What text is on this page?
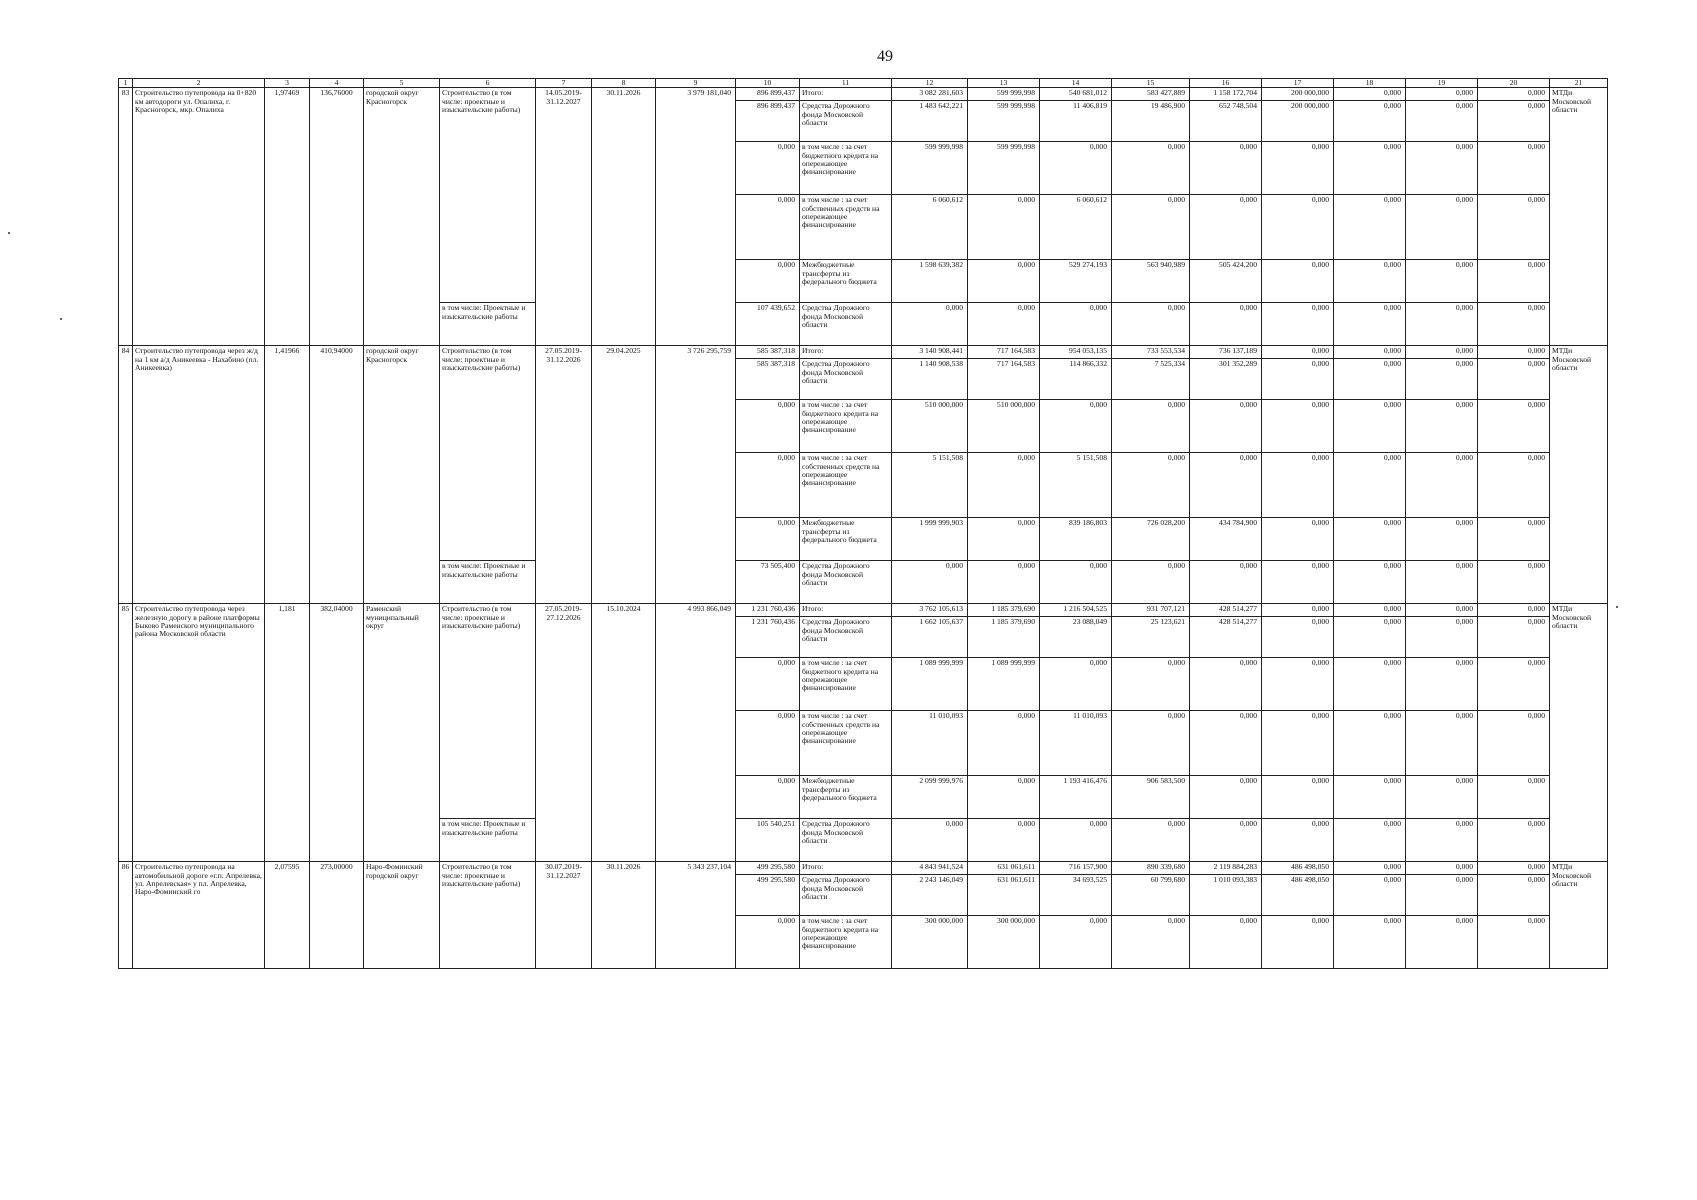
49
1	2	3	4	5	6	7	8	9	10	11	12	13	14	15	16	17	18	19	20	21
83	Строительство путепровода на 0+820 км автодороги ул. Опалиха, г. Красногорск, мкр. Опалиха	1,97469	136,76000	городской округ Красногорск	Строительство (в том числе: проектные и изыскательские работы)	14.05.2019- 31.12.2027	30.11.2026	3 979 181,040	896 899,437	Итого:	3 082 281,603	599 999,998	540 681,012	583 427,889	1 158 172,704	200 000,000	0,000	0,000	0,000	МТДи Московской области
									896 899,437	Средства Дорожного фонда Московской области	1 483 642,221	599 999,998	11 406,819	19 486,900	652 748,504	200 000,000	0,000	0,000	0,000	
									0,000	в том числе : за счет бюджетного кредита на опережающее финансирование	599 999,998	599 999,998	0,000	0,000	0,000	0,000	0,000	0,000	0,000	
									0,000	в том числе : за счет собственных средств на опережающее финансирование	6 060,612	0,000	6 060,612	0,000	0,000	0,000	0,000	0,000	0,000	
									0,000	Межбюджетные трансферты из федерального бюджета	1 598 639,382	0,000	529 274,193	563 940,989	505 424,200	0,000	0,000	0,000	0,000	
					в том числе: Проектные и изыскательские работы				107 439,652	Средства Дорожного фонда Московской области	0,000	0,000	0,000	0,000	0,000	0,000	0,000	0,000	0,000	
84	Строительство путепровода через ж/д на 1 км а/д Аникеевка - Нахабино (пл. Аникеевка)	1,41966	410,94000	городской округ Красногорск	Строительство (в том числе: проектные и изыскательские работы)	27.05.2019- 31.12.2026	29.04.2025	3 726 295,759	585 387,318	Итого:	3 140 908,441	717 164,583	954 053,135	733 553,534	736 137,189	0,000	0,000	0,000	0,000	МТДи Московской области
									585 387,318	Средства Дорожного фонда Московской области	1 140 908,538	717 164,583	114 866,332	7 525,334	301 352,289	0,000	0,000	0,000	0,000	
									0,000	в том числе : за счет бюджетного кредита на опережающее финансирование	510 000,000	510 000,000	0,000	0,000	0,000	0,000	0,000	0,000	0,000	
									0,000	в том числе : за счет собственных средств на опережающее финансирование	5 151,508	0,000	5 151,508	0,000	0,000	0,000	0,000	0,000	0,000	
									0,000	Межбюджетные трансферты из федерального бюджета	1 999 999,903	0,000	839 186,803	726 028,200	434 784,900	0,000	0,000	0,000	0,000	
					в том числе: Проектные и изыскательские работы				73 505,400	Средства Дорожного фонда Московской области	0,000	0,000	0,000	0,000	0,000	0,000	0,000	0,000	0,000	
85	Строительство путепровода через железную дорогу в районе платформы Быково Раменского муниципального района Московской области	1,181	382,04000	Раменский муниципальный округ	Строительство (в том числе: проектные и изыскательские работы)	27.05.2019- 27.12.2026	15.10.2024	4 993 866,049	1 231 760,436	Итого:	3 762 105,613	1 185 379,690	1 216 504,525	931 707,121	428 514,277	0,000	0,000	0,000	0,000	МТДи Московской области
									1 231 760,436	Средства Дорожного фонда Московской области	1 662 105,637	1 185 379,690	23 088,049	25 123,621	428 514,277	0,000	0,000	0,000	0,000	
									0,000	в том числе : за счет бюджетного кредита на опережающее финансирование	1 089 999,999	1 089 999,999	0,000	0,000	0,000	0,000	0,000	0,000	0,000	
									0,000	в том числе : за счет собственных средств на опережающее финансирование	11 010,093	0,000	11 010,093	0,000	0,000	0,000	0,000	0,000	0,000	
									0,000	Межбюджетные трансферты из федерального бюджета	2 099 999,976	0,000	1 193 416,476	906 583,500	0,000	0,000	0,000	0,000	0,000	
					в том числе: Проектные и изыскательские работы				105 540,251	Средства Дорожного фонда Московской области	0,000	0,000	0,000	0,000	0,000	0,000	0,000	0,000	0,000	
86	Строительство путепровода на автомобильной дороге «г.п. Апрелевка, ул. Апрелевская» у пл. Апрелевка, Наро-Фоминский го	2,07595	273,00000	Наро-Фоминский городской округ	Строительство (в том числе: проектные и изыскательские работы)	30.07.2019- 31.12.2027	30.11.2026	5 343 237,104	499 295,580	Итого:	4 843 941,524	631 061,611	716 157,900	890 339,680	2 119 884,283	486 498,050	0,000	0,000	0,000	МТДи Московской области
									499 295,580	Средства Дорожного фонда Московской области	2 243 146,049	631 061,611	34 693,525	60 799,680	1 010 093,383	486 498,050	0,000	0,000	0,000	
									0,000	в том числе : за счет бюджетного кредита на опережающее финансирование	300 000,000	300 000,000	0,000	0,000	0,000	0,000	0,000	0,000	0,000	
